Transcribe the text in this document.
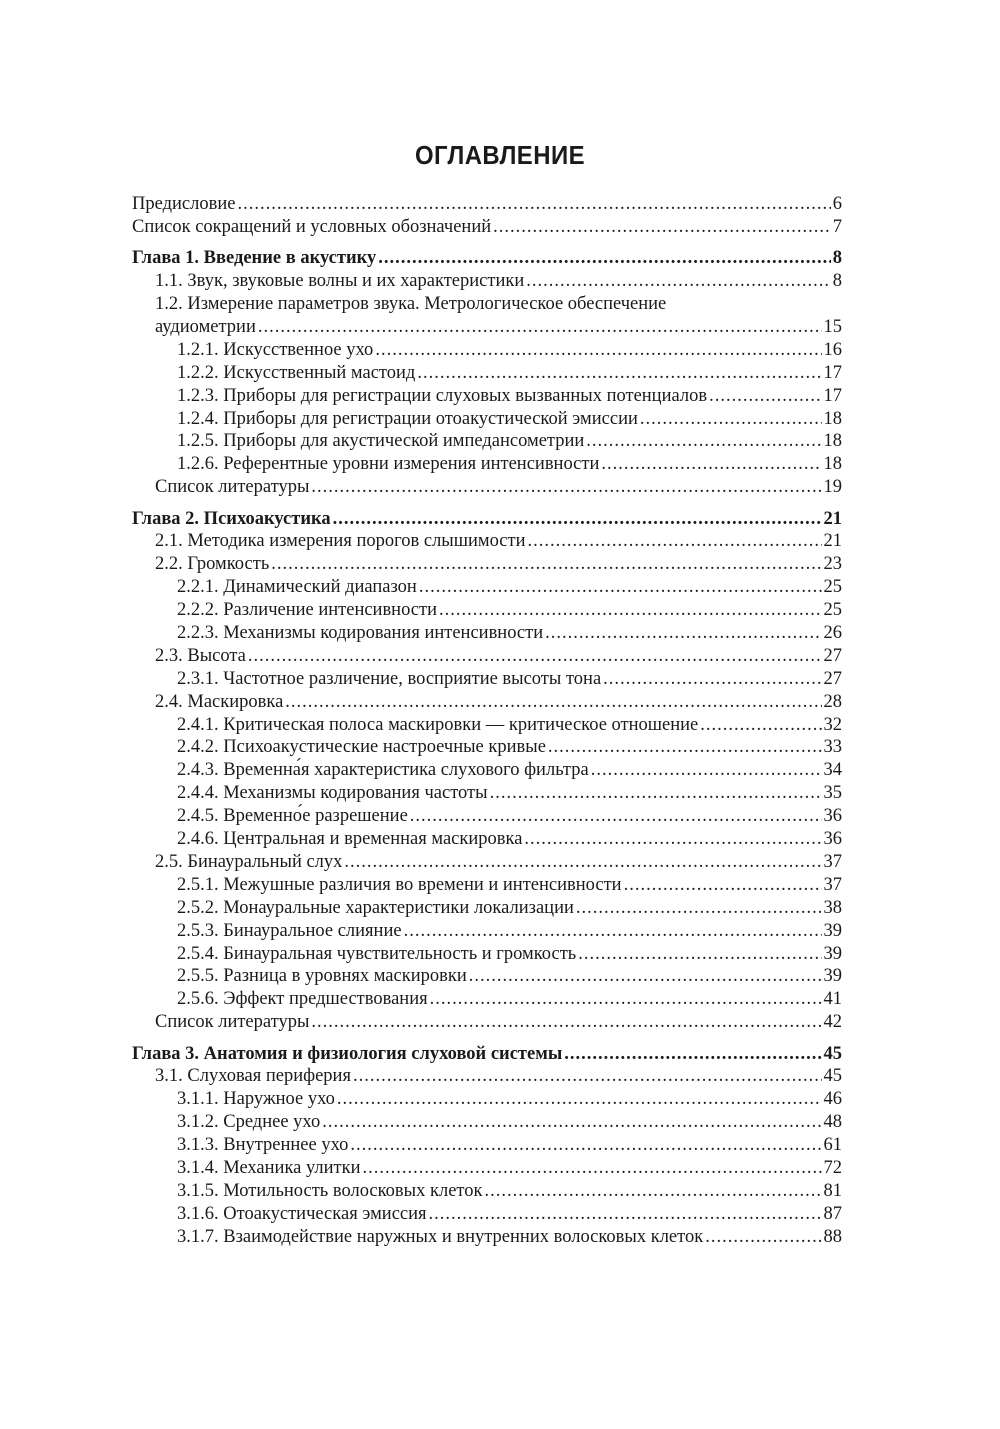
ОГЛАВЛЕНИЕ
Предисловие .....	6
Список сокращений и условных обозначений .....	7
Глава 1. Введение в акустику .....	8
1.1. Звук, звуковые волны и их характеристики .....	8
1.2. Измерение параметров звука. Метрологическое обеспечение
аудиометрии .....	15
1.2.1. Искусственное ухо .....	16
1.2.2. Искусственный мастоид .....	17
1.2.3. Приборы для регистрации слуховых вызванных потенциалов .....	17
1.2.4. Приборы для регистрации отоакустической эмиссии .....	18
1.2.5. Приборы для акустической импедансометрии .....	18
1.2.6. Референтные уровни измерения интенсивности .....	18
Список литературы .....	19
Глава 2. Психоакустика .....	21
2.1. Методика измерения порогов слышимости .....	21
2.2. Громкость .....	23
2.2.1. Динамический диапазон .....	25
2.2.2. Различение интенсивности .....	25
2.2.3. Механизмы кодирования интенсивности .....	26
2.3. Высота .....	27
2.3.1. Частотное различение, восприятие высоты тона .....	27
2.4. Маскировка .....	28
2.4.1. Критическая полоса маскировки — критическое отношение .....	32
2.4.2. Психоакустические настроечные кривые .....	33
2.4.3. Временна́я характеристика слухового фильтра .....	34
2.4.4. Механизмы кодирования частоты .....	35
2.4.5. Временно́е разрешение .....	36
2.4.6. Центральная и временная маскировка .....	36
2.5. Бинауральный слух .....	37
2.5.1. Межушные различия во времени и интенсивности .....	37
2.5.2. Монауральные характеристики локализации .....	38
2.5.3. Бинауральное слияние .....	39
2.5.4. Бинауральная чувствительность и громкость .....	39
2.5.5. Разница в уровнях маскировки .....	39
2.5.6. Эффект предшествования .....	41
Список литературы .....	42
Глава 3. Анатомия и физиология слуховой системы .....	45
3.1. Слуховая периферия .....	45
3.1.1. Наружное ухо .....	46
3.1.2. Среднее ухо .....	48
3.1.3. Внутреннее ухо .....	61
3.1.4. Механика улитки .....	72
3.1.5. Мотильность волосковых клеток .....	81
3.1.6. Отоакустическая эмиссия .....	87
3.1.7. Взаимодействие наружных и внутренних волосковых клеток .....	88
